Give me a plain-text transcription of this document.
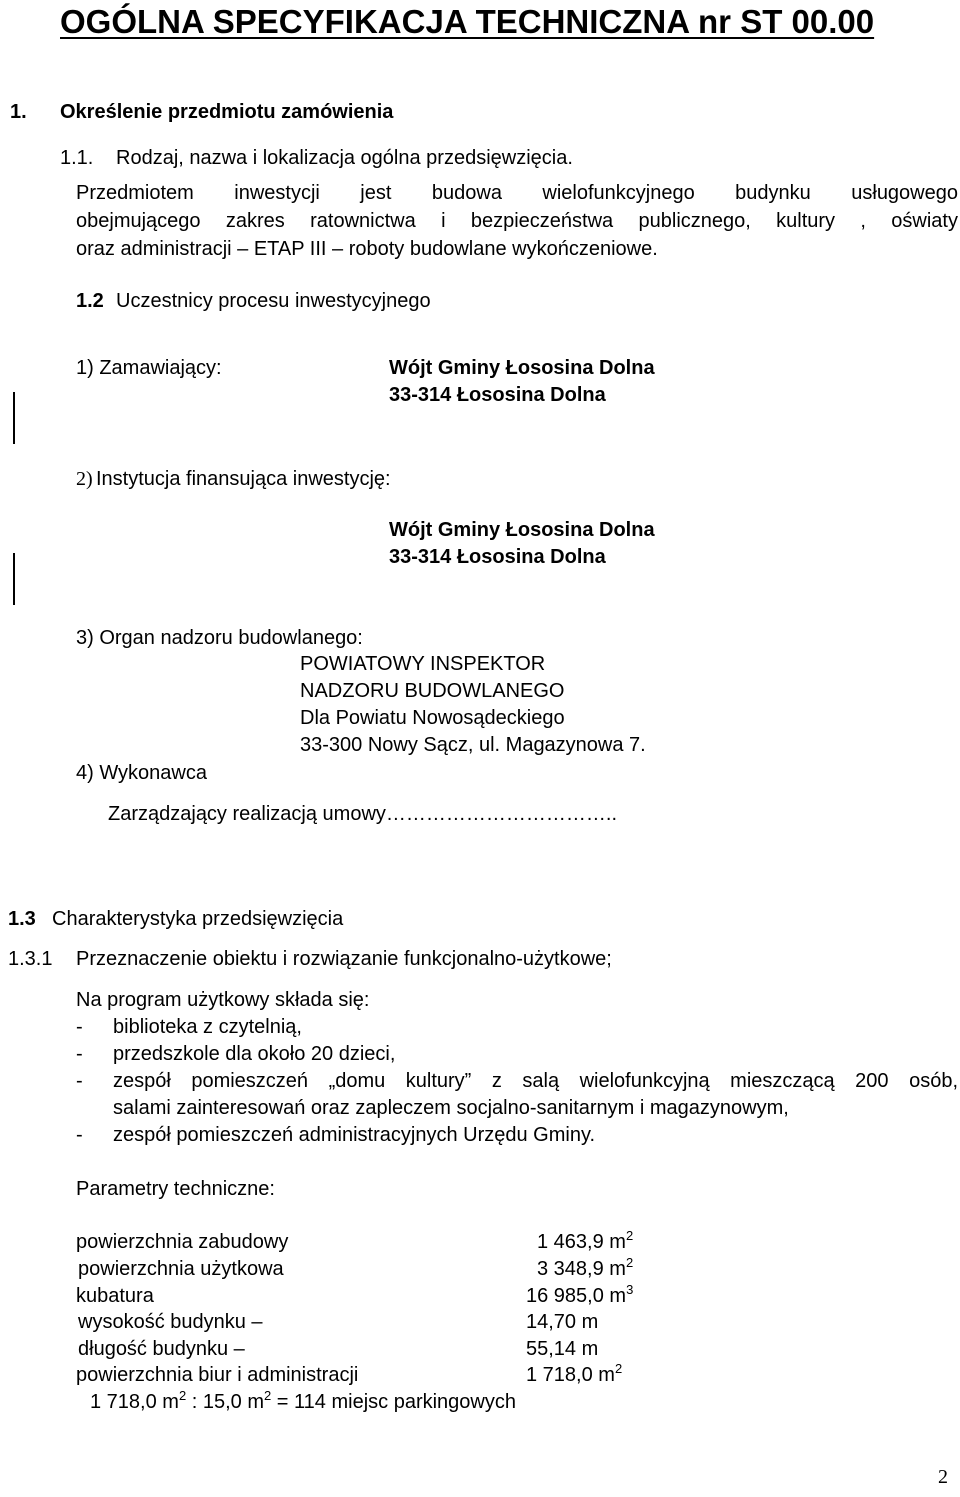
OGÓLNA SPECYFIKACJA TECHNICZNA nr ST 00.00
1. Określenie przedmiotu zamówienia
1.1. Rodzaj, nazwa i lokalizacja ogólna przedsięwzięcia.
Przedmiotem inwestycji jest budowa wielofunkcyjnego budynku usługowego
obejmującego zakres ratownictwa i bezpieczeństwa publicznego, kultury , oświaty
oraz administracji – ETAP III – roboty budowlane wykończeniowe.
1.2 Uczestnicy procesu inwestycyjnego
1) Zamawiający:	Wójt Gminy Łososina Dolna
33-314 Łososina Dolna
2) Instytucja finansująca inwestycję:
Wójt Gminy Łososina Dolna
33-314 Łososina Dolna
3) Organ nadzoru budowlanego:
POWIATOWY INSPEKTOR
NADZORU BUDOWLANEGO
Dla Powiatu Nowosądeckiego
33-300 Nowy Sącz, ul. Magazynowa 7.
4) Wykonawca
Zarządzający realizacją umowy……………………………..
1.3 Charakterystyka przedsięwzięcia
1.3.1 Przeznaczenie obiektu i rozwiązanie funkcjonalno-użytkowe;
Na program użytkowy składa się:
- biblioteka z czytelnią,
- przedszkole dla około 20 dzieci,
- zespół pomieszczeń „domu kultury” z salą wielofunkcyjną mieszczącą 200 osób,
salami zainteresowań oraz zapleczem socjalno-sanitarnym i magazynowym,
- zespół pomieszczeń administracyjnych Urzędu Gminy.
Parametry techniczne:
powierzchnia zabudowy	1 463,9 $m^2$
powierzchnia użytkowa	3 348,9 $m^2$
kubatura	16 985,0 $m^3$
wysokość budynku –	14,70 m
długość budynku –	55,14 m
powierzchnia biur i administracji	1 718,0 $m^2$
1 718,0 $m^2$ : 15,0 $m^2 = 114$ miejsc parkingowych
2
